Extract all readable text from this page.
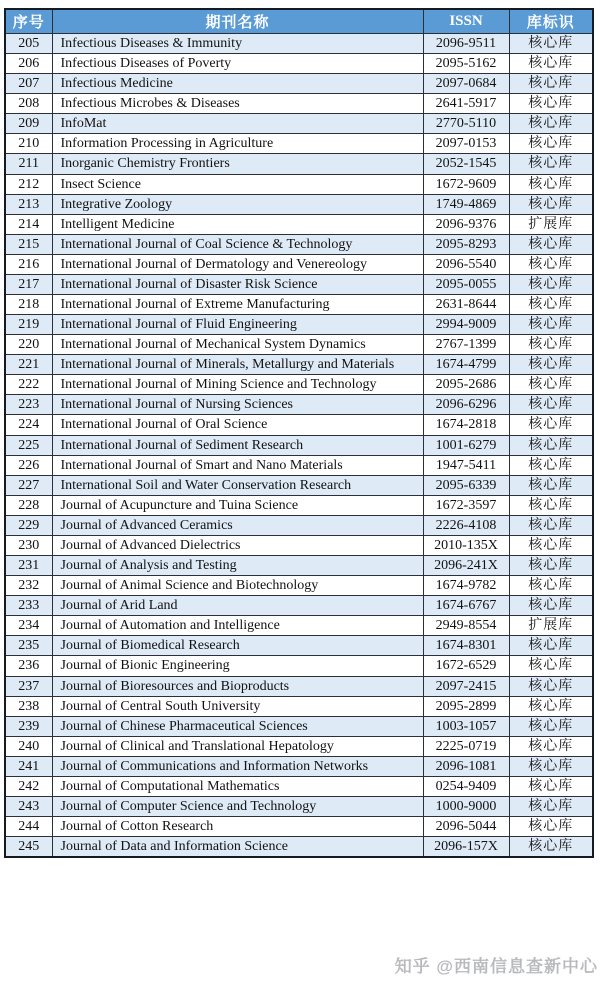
序号	期刊名称	ISSN	库标识
205	Infectious Diseases & Immunity	2096-9511	核心库
206	Infectious Diseases of Poverty	2095-5162	核心库
207	Infectious Medicine	2097-0684	核心库
208	Infectious Microbes & Diseases	2641-5917	核心库
209	InfoMat	2770-5110	核心库
210	Information Processing in Agriculture	2097-0153	核心库
211	Inorganic Chemistry Frontiers	2052-1545	核心库
212	Insect Science	1672-9609	核心库
213	Integrative Zoology	1749-4869	核心库
214	Intelligent Medicine	2096-9376	扩展库
215	International Journal of Coal Science & Technology	2095-8293	核心库
216	International Journal of Dermatology and Venereology	2096-5540	核心库
217	International Journal of Disaster Risk Science	2095-0055	核心库
218	International Journal of Extreme Manufacturing	2631-8644	核心库
219	International Journal of Fluid Engineering	2994-9009	核心库
220	International Journal of Mechanical System Dynamics	2767-1399	核心库
221	International Journal of Minerals, Metallurgy and Materials	1674-4799	核心库
222	International Journal of Mining Science and Technology	2095-2686	核心库
223	International Journal of Nursing Sciences	2096-6296	核心库
224	International Journal of Oral Science	1674-2818	核心库
225	International Journal of Sediment Research	1001-6279	核心库
226	International Journal of Smart and Nano Materials	1947-5411	核心库
227	International Soil and Water Conservation Research	2095-6339	核心库
228	Journal of Acupuncture and Tuina Science	1672-3597	核心库
229	Journal of Advanced Ceramics	2226-4108	核心库
230	Journal of Advanced Dielectrics	2010-135X	核心库
231	Journal of Analysis and Testing	2096-241X	核心库
232	Journal of Animal Science and Biotechnology	1674-9782	核心库
233	Journal of Arid Land	1674-6767	核心库
234	Journal of Automation and Intelligence	2949-8554	扩展库
235	Journal of Biomedical Research	1674-8301	核心库
236	Journal of Bionic Engineering	1672-6529	核心库
237	Journal of Bioresources and Bioproducts	2097-2415	核心库
238	Journal of Central South University	2095-2899	核心库
239	Journal of Chinese Pharmaceutical Sciences	1003-1057	核心库
240	Journal of Clinical and Translational Hepatology	2225-0719	核心库
241	Journal of Communications and Information Networks	2096-1081	核心库
242	Journal of Computational Mathematics	0254-9409	核心库
243	Journal of Computer Science and Technology	1000-9000	核心库
244	Journal of Cotton Research	2096-5044	核心库
245	Journal of Data and Information Science	2096-157X	核心库
知乎 @西南信息查新中心
